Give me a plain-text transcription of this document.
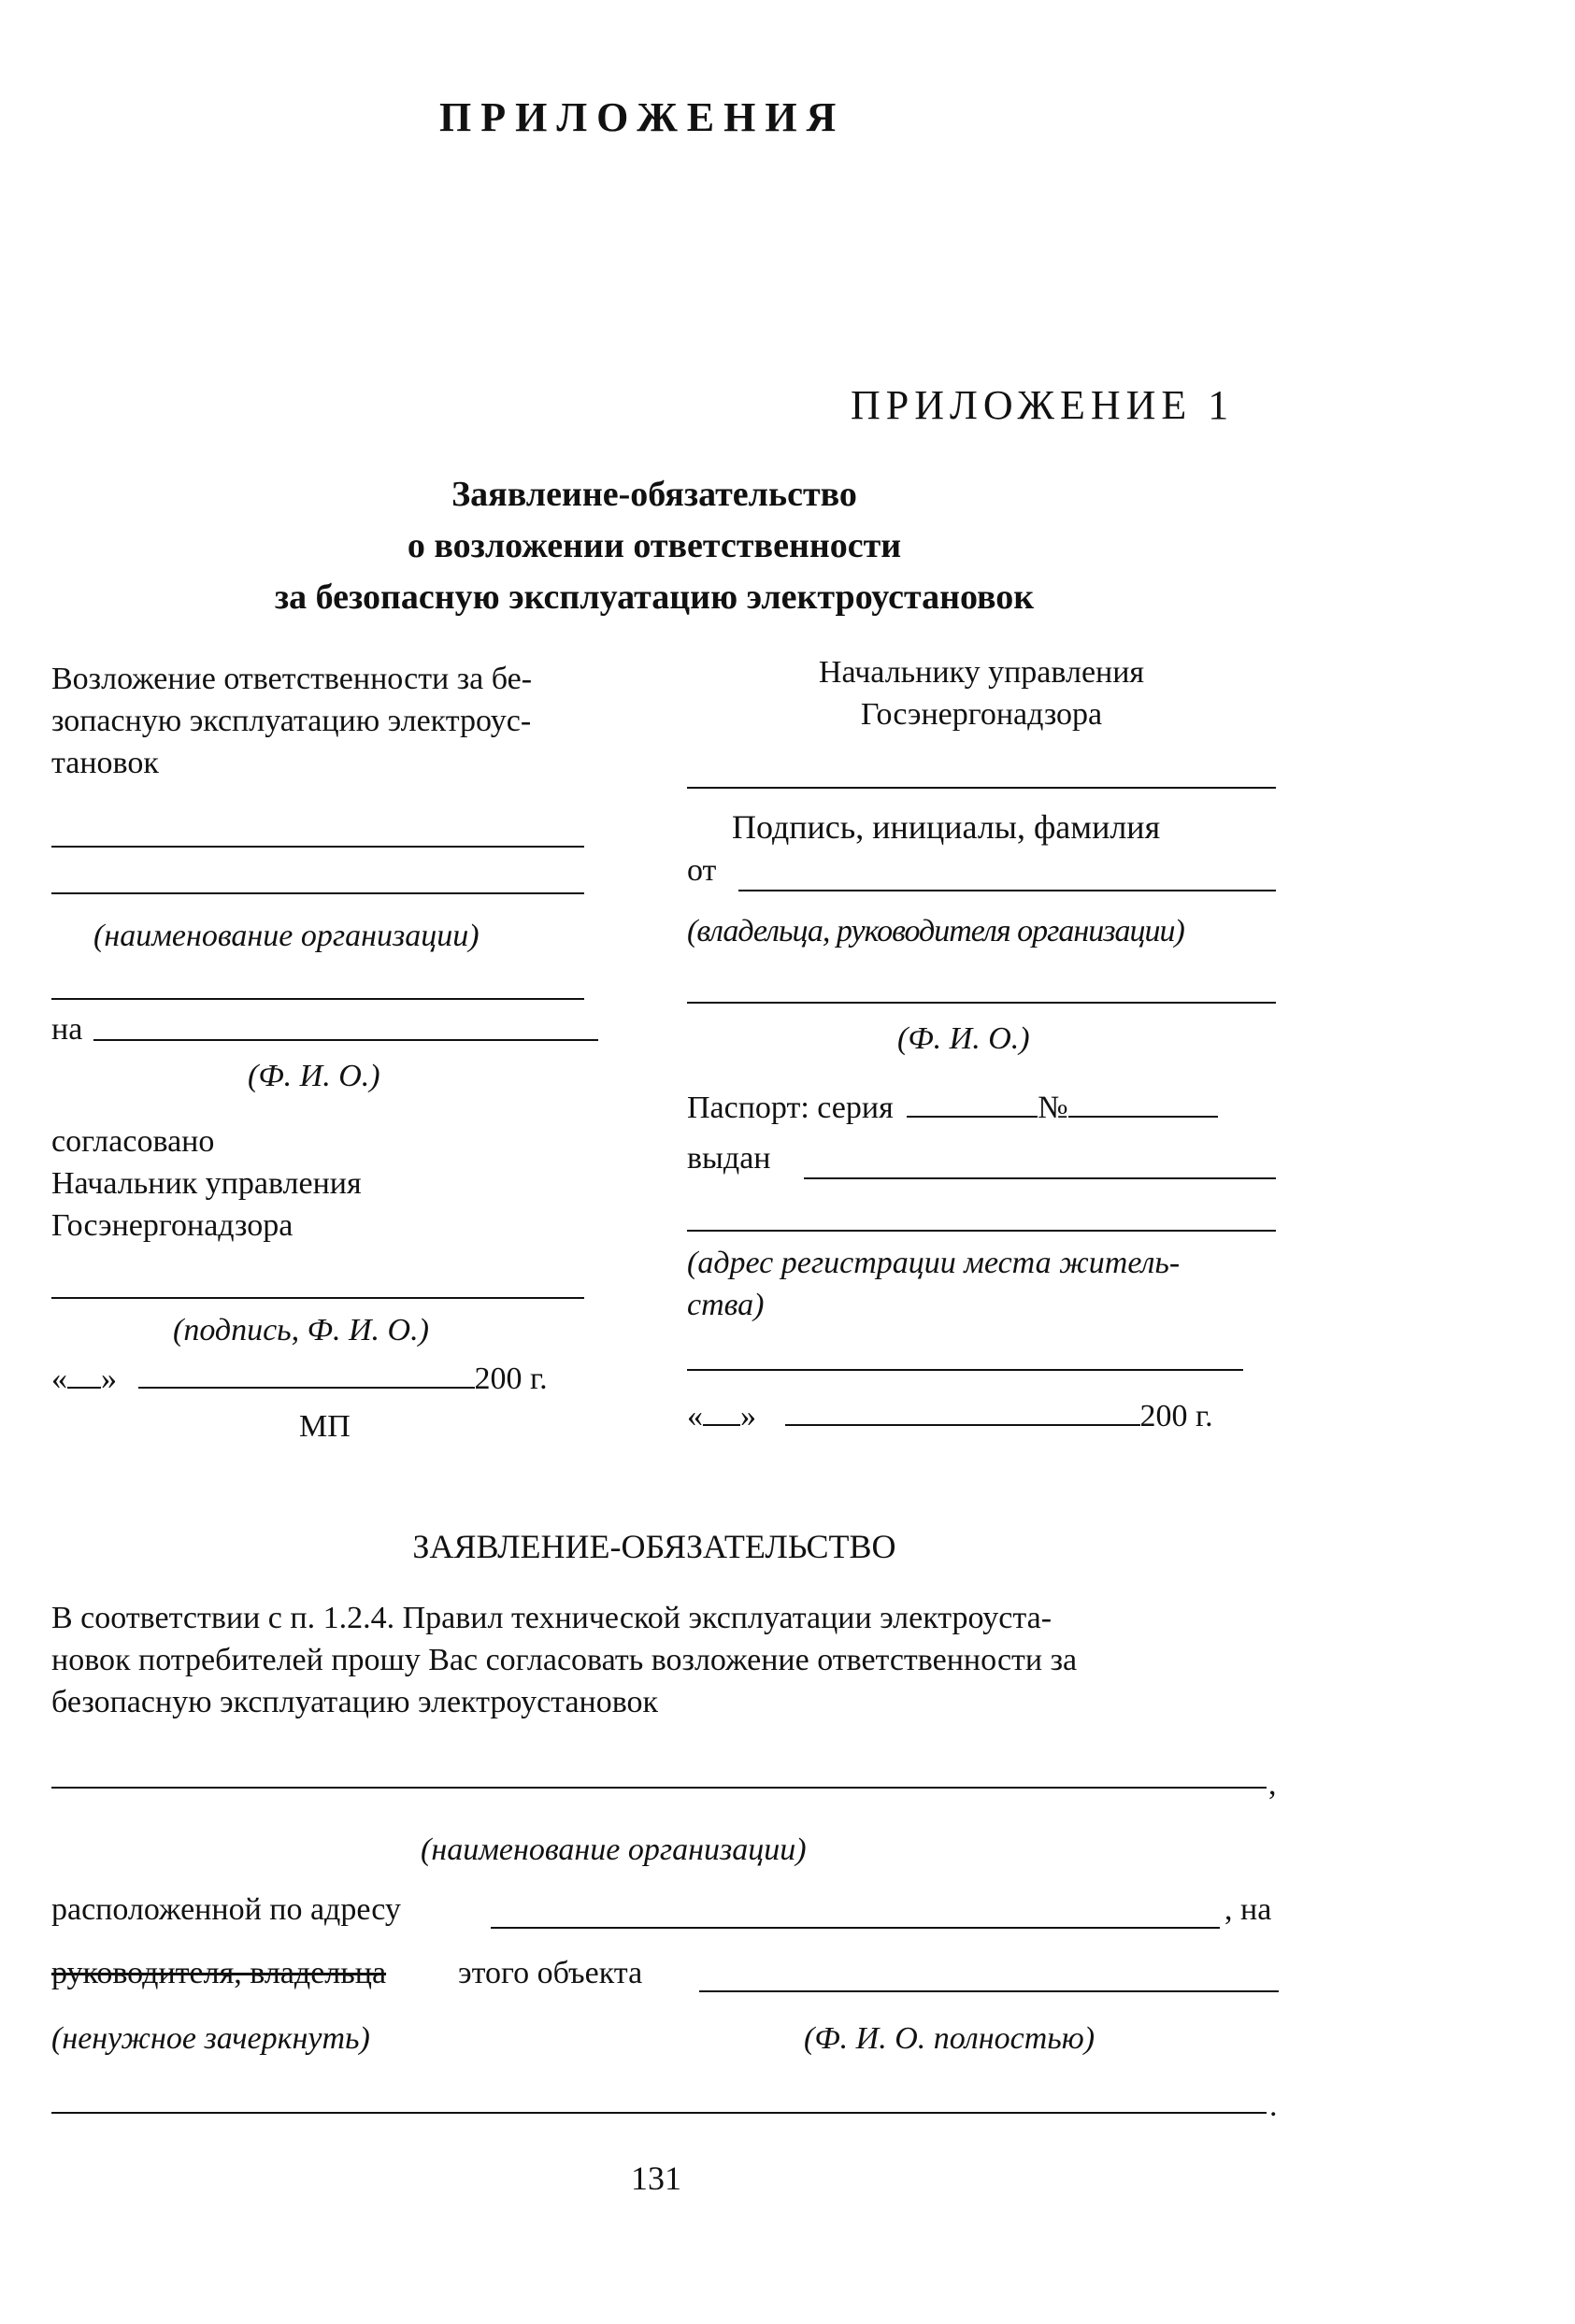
ПРИЛОЖЕНИЯ
ПРИЛОЖЕНИЕ 1
Заявлеине-обязательство
о возложении ответственности
за безопасную эксплуатацию электроустановок
Возложение ответственности за бе-
зопасную эксплуатацию электроус-
тановок
(наименование организации)
на
(Ф. И. О.)
согласовано
Начальник управления
Госэнергонадзора
(подпись, Ф. И. О.)
« »	200 г.
МП
Начальнику управления
Госэнергонадзора
Подпись, инициалы, фамилия
от
(владельца, руководителя организации)
(Ф. И. О.)
Паспорт: серия	№
выдан
(адрес регистрации места житель-
ства)
« »	200 г.
ЗАЯВЛЕНИЕ-ОБЯЗАТЕЛЬСТВО
В соответствии с п. 1.2.4. Правил технической эксплуатации электроуста-
новок потребителей прошу Вас согласовать возложение ответственности за
безопасную эксплуатацию электроустановок
,
(наименование организации)
расположенной по адресу	, на
руководителя, владельца этого объекта
(ненужное зачеркнуть)	(Ф. И. О. полностью)
.
131
